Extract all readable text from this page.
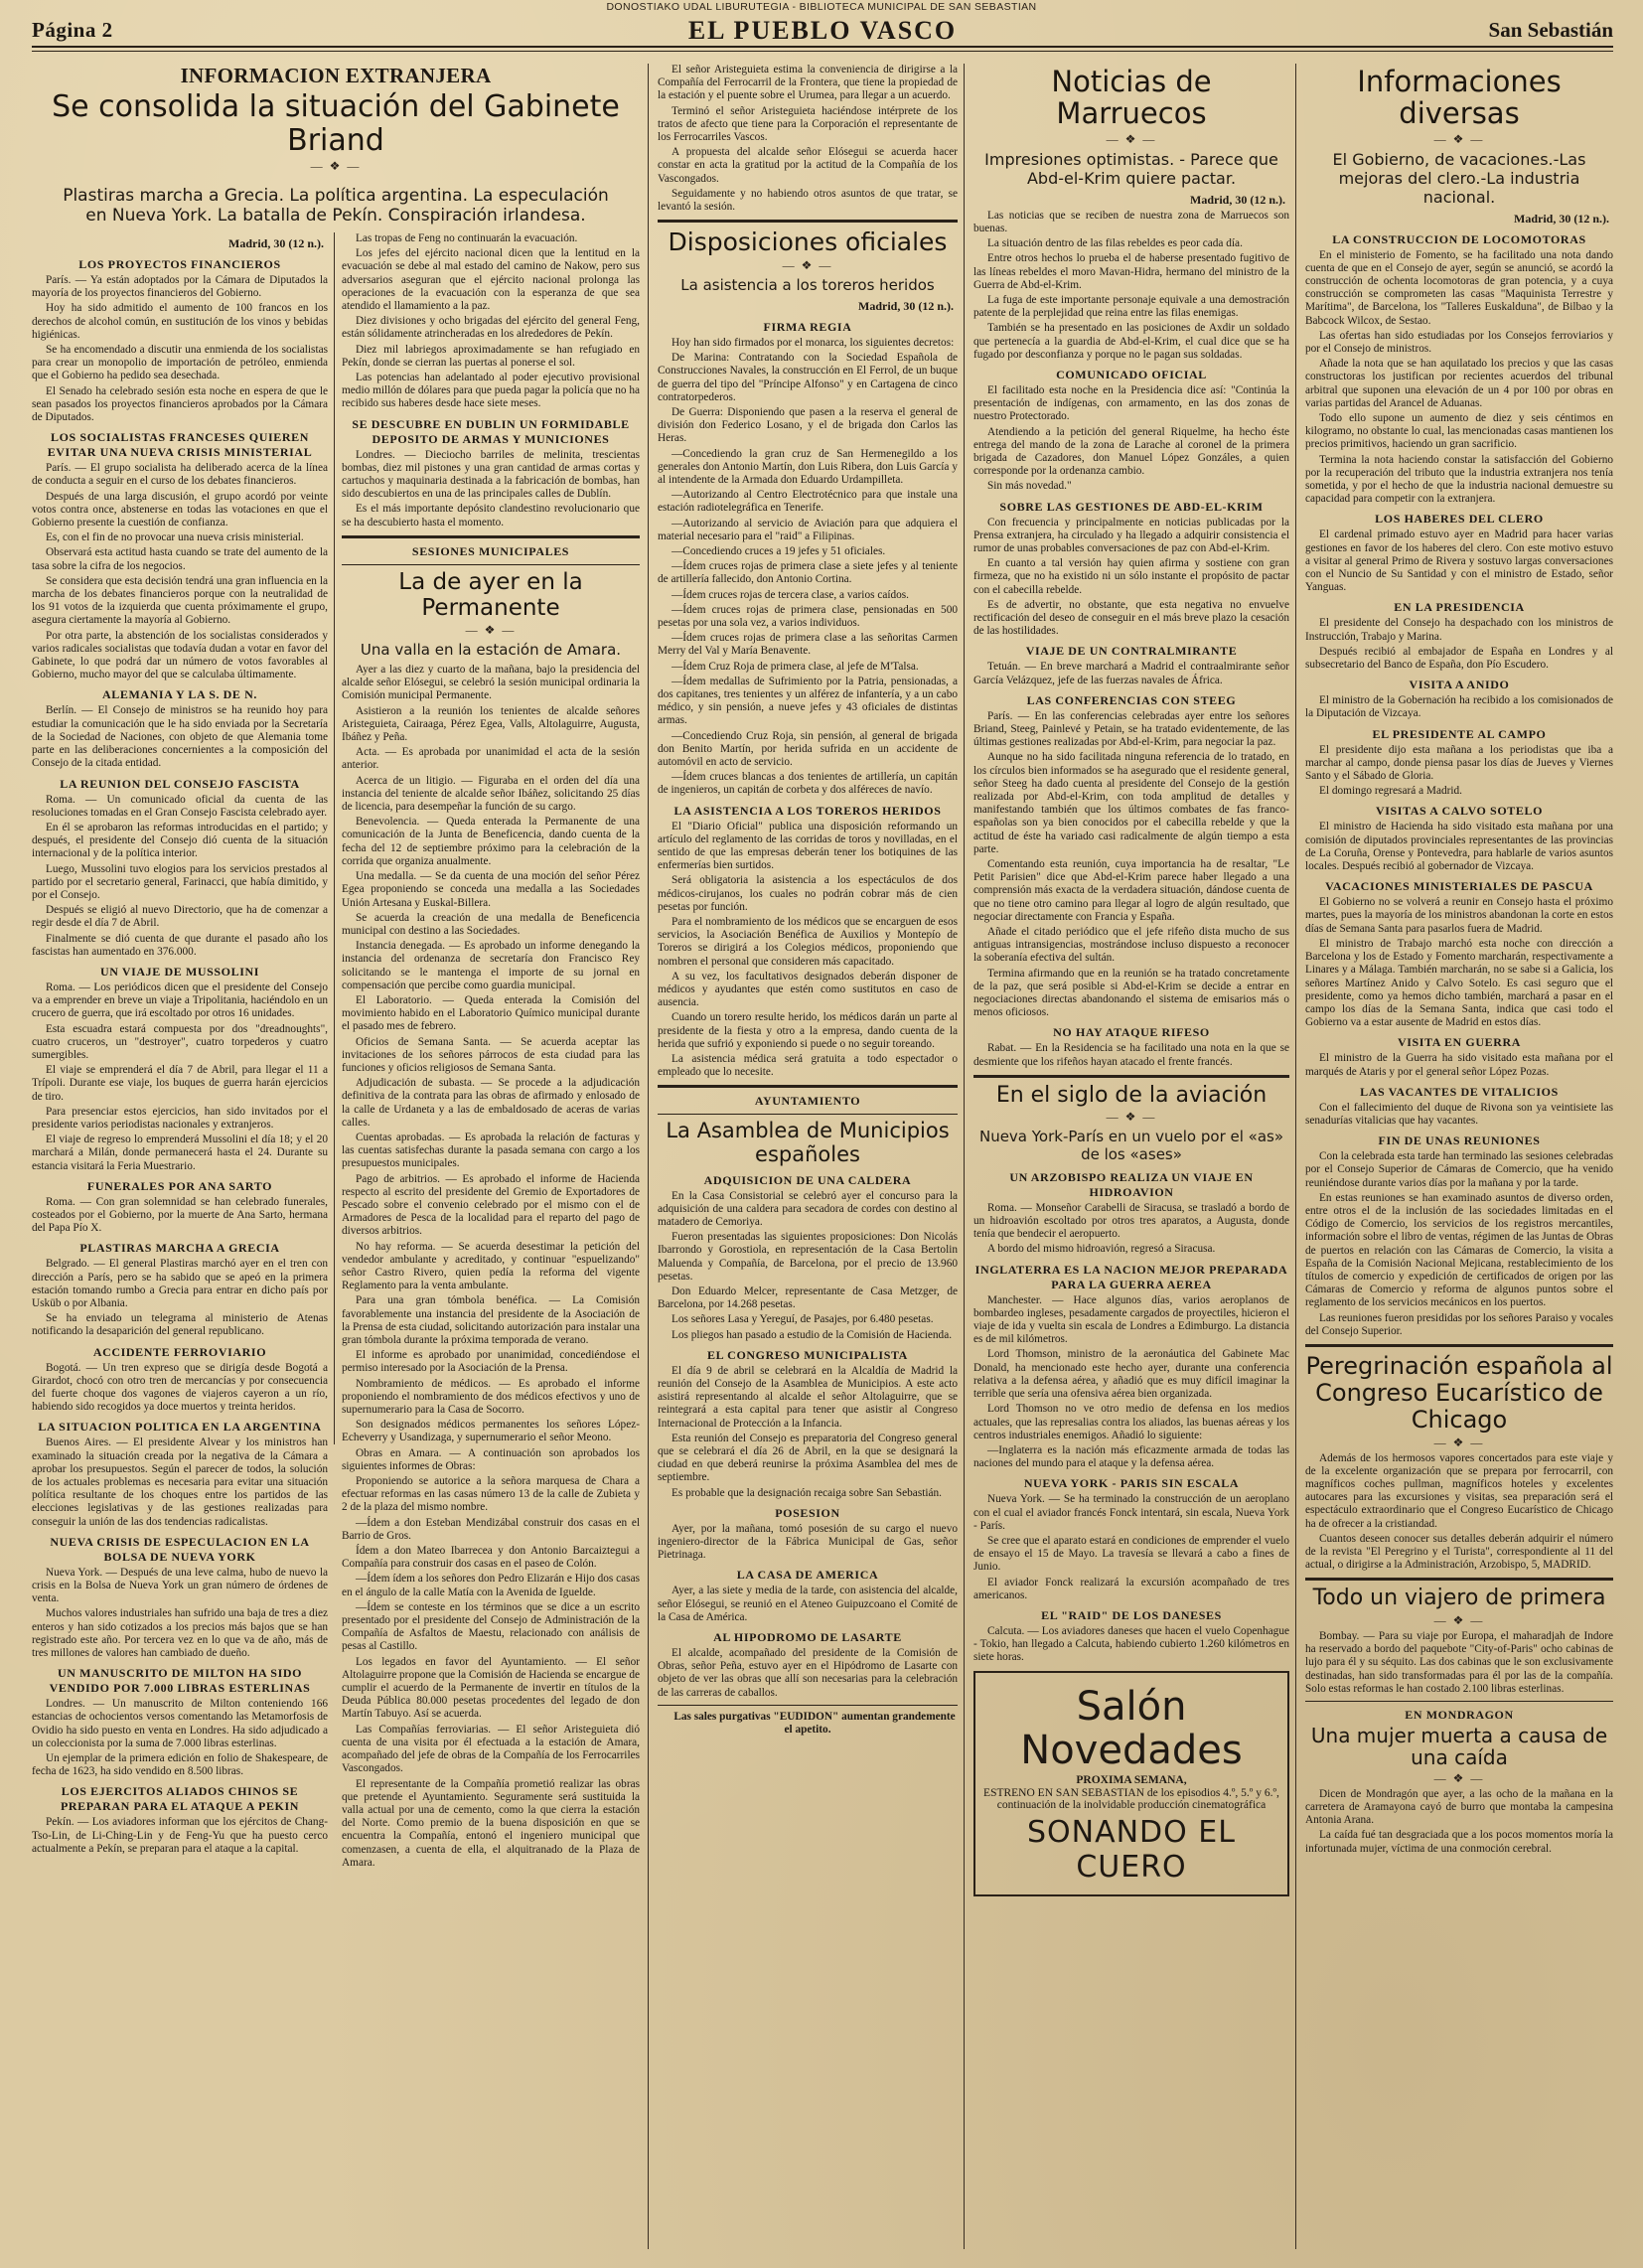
DONOSTIAKO UDAL LIBURUTEGIA - BIBLIOTECA MUNICIPAL DE SAN SEBASTIAN
Página 2	EL PUEBLO VASCO	San Sebastián
INFORMACION EXTRANJERA
Se consolida la situación del Gabinete Briand
— ❖ —
Plastiras marcha a Grecia. La política argentina. La especulación en Nueva York. La batalla de Pekín. Conspiración irlandesa.
Madrid, 30 (12 n.).
LOS PROYECTOS FINANCIEROS
París. — Ya están adoptados por la Cámara de Diputados la mayoría de los proyectos financieros del Gobierno.
Hoy ha sido admitido el aumento de 100 francos en los derechos de alcohol común, en sustitución de los vinos y bebidas higiénicas.
Se ha encomendado a discutir una enmienda de los socialistas para crear un monopolio de importación de petróleo, enmienda que el Gobierno ha pedido sea desechada.
El Senado ha celebrado sesión esta noche en espera de que le sean pasados los proyectos financieros aprobados por la Cámara de Diputados.
LOS SOCIALISTAS FRANCESES QUIEREN EVITAR UNA NUEVA CRISIS MINISTERIAL
París. — El grupo socialista ha deliberado acerca de la línea de conducta a seguir en el curso de los debates financieros.
Después de una larga discusión, el grupo acordó por veinte votos contra once, abstenerse en todas las votaciones en que el Gobierno presente la cuestión de confianza.
Es, con el fin de no provocar una nueva crisis ministerial.
Observará esta actitud hasta cuando se trate del aumento de la tasa sobre la cifra de los negocios.
Se considera que esta decisión tendrá una gran influencia en la marcha de los debates financieros porque con la neutralidad de los 91 votos de la izquierda que cuenta próximamente el grupo, asegura ciertamente la mayoría al Gobierno.
Por otra parte, la abstención de los socialistas considerados y varios radicales socialistas que todavía dudan a votar en favor del Gabinete, lo que podrá dar un número de votos favorables al Gobierno, mucho mayor del que se calculaba últimamente.
ALEMANIA Y LA S. DE N.
Berlín. — El Consejo de ministros se ha reunido hoy para estudiar la comunicación que le ha sido enviada por la Secretaría de la Sociedad de Naciones, con objeto de que Alemania tome parte en las deliberaciones concernientes a la composición del Consejo de la citada entidad.
LA REUNION DEL CONSEJO FASCISTA
Roma. — Un comunicado oficial da cuenta de las resoluciones tomadas en el Gran Consejo Fascista celebrado ayer.
En él se aprobaron las reformas introducidas en el partido; y después, el presidente del Consejo dió cuenta de la situación internacional y de la política interior.
Luego, Mussolini tuvo elogios para los servicios prestados al partido por el secretario general, Farinacci, que había dimitido, y por el Consejo.
Después se eligió al nuevo Directorio, que ha de comenzar a regir desde el día 7 de Abril.
Finalmente se dió cuenta de que durante el pasado año los fascistas han aumentado en 376.000.
UN VIAJE DE MUSSOLINI
Roma. — Los periódicos dicen que el presidente del Consejo va a emprender en breve un viaje a Tripolitania, haciéndolo en un crucero de guerra, que irá escoltado por otros 16 unidades.
Esta escuadra estará compuesta por dos "dreadnoughts", cuatro cruceros, un "destroyer", cuatro torpederos y cuatro sumergibles.
El viaje se emprenderá el día 7 de Abril, para llegar el 11 a Trípoli. Durante ese viaje, los buques de guerra harán ejercicios de tiro.
Para presenciar estos ejercicios, han sido invitados por el presidente varios periodistas nacionales y extranjeros.
El viaje de regreso lo emprenderá Mussolini el día 18; y el 20 marchará a Milán, donde permanecerá hasta el 24. Durante su estancia visitará la Feria Muestrario.
FUNERALES POR ANA SARTO
Roma. — Con gran solemnidad se han celebrado funerales, costeados por el Gobierno, por la muerte de Ana Sarto, hermana del Papa Pío X.
PLASTIRAS MARCHA A GRECIA
Belgrado. — El general Plastiras marchó ayer en el tren con dirección a París, pero se ha sabido que se apeó en la primera estación tomando rumbo a Grecia para entrar en dicho país por Usküb o por Albania.
Se ha enviado un telegrama al ministerio de Atenas notificando la desaparición del general republicano.
ACCIDENTE FERROVIARIO
Bogotá. — Un tren expreso que se dirigía desde Bogotá a Girardot, chocó con otro tren de mercancías y por consecuencia del fuerte choque dos vagones de viajeros cayeron a un río, habiendo sido recogidos ya doce muertos y treinta heridos.
LA SITUACION POLITICA EN LA ARGENTINA
Buenos Aires. — El presidente Alvear y los ministros han examinado la situación creada por la negativa de la Cámara a aprobar los presupuestos. Según el parecer de todos, la solución de los actuales problemas es necesaria para evitar una situación política resultante de los choques entre los partidos de las elecciones legislativas y de las gestiones realizadas para conseguir la unión de las dos tendencias radicalistas.
NUEVA CRISIS DE ESPECULACION EN LA BOLSA DE NUEVA YORK
Nueva York. — Después de una leve calma, hubo de nuevo la crisis en la Bolsa de Nueva York un gran número de órdenes de venta.
Muchos valores industriales han sufrido una baja de tres a diez enteros y han sido cotizados a los precios más bajos que se han registrado este año. Por tercera vez en lo que va de año, más de tres millones de valores han cambiado de dueño.
UN MANUSCRITO DE MILTON HA SIDO VENDIDO POR 7.000 LIBRAS ESTERLINAS
Londres. — Un manuscrito de Milton conteniendo 166 estancias de ochocientos versos comentando las Metamorfosis de Ovidio ha sido puesto en venta en Londres. Ha sido adjudicado a un coleccionista por la suma de 7.000 libras esterlinas.
Un ejemplar de la primera edición en folio de Shakespeare, de fecha de 1623, ha sido vendido en 8.500 libras.
LOS EJERCITOS ALIADOS CHINOS SE PREPARAN PARA EL ATAQUE A PEKIN
Pekín. — Los aviadores informan que los ejércitos de Chang-Tso-Lin, de Li-Ching-Lin y de Feng-Yu que ha puesto cerco actualmente a Pekín, se preparan para el ataque a la capital.
Las tropas de Feng no continuarán la evacuación.
Los jefes del ejército nacional dicen que la lentitud en la evacuación se debe al mal estado del camino de Nakow, pero sus adversarios aseguran que el ejército nacional prolonga las operaciones de la evacuación con la esperanza de que sea atendido el llamamiento a la paz.
Diez divisiones y ocho brigadas del ejército del general Feng, están sólidamente atrincheradas en los alrededores de Pekín.
Diez mil labriegos aproximadamente se han refugiado en Pekín, donde se cierran las puertas al ponerse el sol.
Las potencias han adelantado al poder ejecutivo provisional medio millón de dólares para que pueda pagar la policía que no ha recibido sus haberes desde hace siete meses.
SE DESCUBRE EN DUBLIN UN FORMIDABLE DEPOSITO DE ARMAS Y MUNICIONES
Londres. — Dieciocho barriles de melinita, trescientas bombas, diez mil pistones y una gran cantidad de armas cortas y cartuchos y maquinaria destinada a la fabricación de bombas, han sido descubiertos en una de las principales calles de Dublín.
Es el más importante depósito clandestino revolucionario que se ha descubierto hasta el momento.
SESIONES MUNICIPALES
La de ayer en la Permanente
— ❖ —
Una valla en la estación de Amara.
Ayer a las diez y cuarto de la mañana, bajo la presidencia del alcalde señor Elósegui, se celebró la sesión municipal ordinaria la Comisión municipal Permanente.
Asistieron a la reunión los tenientes de alcalde señores Aristeguieta, Cairaaga, Pérez Egea, Valls, Altolaguirre, Augusta, Ibáñez y Peña.
Acta. — Es aprobada por unanimidad el acta de la sesión anterior.
Acerca de un litigio. — Figuraba en el orden del día una instancia del teniente de alcalde señor Ibáñez, solicitando 25 días de licencia, para desempeñar la función de su cargo.
Benevolencia. — Queda enterada la Permanente de una comunicación de la Junta de Beneficencia, dando cuenta de la fecha del 12 de septiembre próximo para la celebración de la corrida que organiza anualmente.
Una medalla. — Se da cuenta de una moción del señor Pérez Egea proponiendo se conceda una medalla a las Sociedades Unión Artesana y Euskal-Billera.
Se acuerda la creación de una medalla de Beneficencia municipal con destino a las Sociedades.
Instancia denegada. — Es aprobado un informe denegando la instancia del ordenanza de secretaría don Francisco Rey solicitando se le mantenga el importe de su jornal en compensación que percibe como guardia municipal.
El Laboratorio. — Queda enterada la Comisión del movimiento habido en el Laboratorio Químico municipal durante el pasado mes de febrero.
Oficios de Semana Santa. — Se acuerda aceptar las invitaciones de los señores párrocos de esta ciudad para las funciones y oficios religiosos de Semana Santa.
Adjudicación de subasta. — Se procede a la adjudicación definitiva de la contrata para las obras de afirmado y enlosado de la calle de Urdaneta y a las de embaldosado de aceras de varias calles.
Cuentas aprobadas. — Es aprobada la relación de facturas y las cuentas satisfechas durante la pasada semana con cargo a los presupuestos municipales.
Pago de arbitrios. — Es aprobado el informe de Hacienda respecto al escrito del presidente del Gremio de Exportadores de Pescado sobre el convenio celebrado por el mismo con el de Armadores de Pesca de la localidad para el reparto del pago de diversos arbitrios.
No hay reforma. — Se acuerda desestimar la petición del vendedor ambulante y acreditado, y continuar "espuelizando" señor Castro Rivero, quien pedía la reforma del vigente Reglamento para la venta ambulante.
Para una gran tómbola benéfica. — La Comisión favorablemente una instancia del presidente de la Asociación de la Prensa de esta ciudad, solicitando autorización para instalar una gran tómbola durante la próxima temporada de verano.
El informe es aprobado por unanimidad, concediéndose el permiso interesado por la Asociación de la Prensa.
Nombramiento de médicos. — Es aprobado el informe proponiendo el nombramiento de dos médicos efectivos y uno de supernumerario para la Casa de Socorro.
Son designados médicos permanentes los señores López-Echeverry y Usandizaga, y supernumerario el señor Meono.
Obras en Amara. — A continuación son aprobados los siguientes informes de Obras:
Proponiendo se autorice a la señora marquesa de Chara a efectuar reformas en las casas número 13 de la calle de Zubieta y 2 de la plaza del mismo nombre.
—Ídem a don Esteban Mendizábal construir dos casas en el Barrio de Gros.
Ídem a don Mateo Ibarrecea y don Antonio Barcaiztegui a Compañía para construir dos casas en el paseo de Colón.
—Ídem ídem a los señores don Pedro Elizarán e Hijo dos casas en el ángulo de la calle Matía con la Avenida de Iguelde.
—Ídem se conteste en los términos que se dice a un escrito presentado por el presidente del Consejo de Administración de la Compañía de Asfaltos de Maestu, relacionado con análisis de pesas al Castillo.
Los legados en favor del Ayuntamiento. — El señor Altolaguirre propone que la Comisión de Hacienda se encargue de cumplir el acuerdo de la Permanente de invertir en títulos de la Deuda Pública 80.000 pesetas procedentes del legado de don Martín Tabuyo. Así se acuerda.
Las Compañías ferroviarias. — El señor Aristeguieta dió cuenta de una visita por él efectuada a la estación de Amara, acompañado del jefe de obras de la Compañía de los Ferrocarriles Vascongados.
El representante de la Compañía prometió realizar las obras que pretende el Ayuntamiento. Seguramente será sustituida la valla actual por una de cemento, como la que cierra la estación del Norte. Como premio de la buena disposición en que se encuentra la Compañía, entonó el ingeniero municipal que comenzasen, a cuenta de ella, el alquitranado de la Plaza de Amara.
El señor Aristeguieta estima la conveniencia de dirigirse a la Compañía del Ferrocarril de la Frontera, que tiene la propiedad de la estación y el puente sobre el Urumea, para llegar a un acuerdo.
Terminó el señor Aristeguieta haciéndose intérprete de los tratos de afecto que tiene para la Corporación el representante de los Ferrocarriles Vascos.
A propuesta del alcalde señor Elósegui se acuerda hacer constar en acta la gratitud por la actitud de la Compañía de los Vascongados.
Seguidamente y no habiendo otros asuntos de que tratar, se levantó la sesión.
Disposiciones oficiales
— ❖ —
La asistencia a los toreros heridos
Madrid, 30 (12 n.).
FIRMA REGIA
Hoy han sido firmados por el monarca, los siguientes decretos:
De Marina: Contratando con la Sociedad Española de Construcciones Navales, la construcción en El Ferrol, de un buque de guerra del tipo del "Príncipe Alfonso" y en Cartagena de cinco contratorpederos.
De Guerra: Disponiendo que pasen a la reserva el general de división don Federico Losano, y el de brigada don Carlos las Heras.
—Concediendo la gran cruz de San Hermenegildo a los generales don Antonio Martín, don Luis Ribera, don Luis García y al intendente de la Armada don Eduardo Urdampilleta.
—Autorizando al Centro Electrotécnico para que instale una estación radiotelegráfica en Tenerife.
—Autorizando al servicio de Aviación para que adquiera el material necesario para el "raid" a Filipinas.
—Concediendo cruces a 19 jefes y 51 oficiales.
—Ídem cruces rojas de primera clase a siete jefes y al teniente de artillería fallecido, don Antonio Cortina.
—Ídem cruces rojas de tercera clase, a varios caídos.
—Ídem cruces rojas de primera clase, pensionadas en 500 pesetas por una sola vez, a varios individuos.
—Ídem cruces rojas de primera clase a las señoritas Carmen Merry del Val y María Benavente.
—Ídem Cruz Roja de primera clase, al jefe de M'Talsa.
—Ídem medallas de Sufrimiento por la Patria, pensionadas, a dos capitanes, tres tenientes y un alférez de infantería, y a un cabo médico, y sin pensión, a nueve jefes y 43 oficiales de distintas armas.
—Concediendo Cruz Roja, sin pensión, al general de brigada don Benito Martín, por herida sufrida en un accidente de automóvil en acto de servicio.
—Ídem cruces blancas a dos tenientes de artillería, un capitán de ingenieros, un capitán de corbeta y dos alféreces de navío.
LA ASISTENCIA A LOS TOREROS HERIDOS
El "Diario Oficial" publica una disposición reformando un artículo del reglamento de las corridas de toros y novilladas, en el sentido de que las empresas deberán tener los botiquines de las enfermerías bien surtidos.
Será obligatoria la asistencia a los espectáculos de dos médicos-cirujanos, los cuales no podrán cobrar más de cien pesetas por función.
Para el nombramiento de los médicos que se encarguen de esos servicios, la Asociación Benéfica de Auxilios y Montepío de Toreros se dirigirá a los Colegios médicos, proponiendo que nombren el personal que consideren más capacitado.
A su vez, los facultativos designados deberán disponer de médicos y ayudantes que estén como sustitutos en caso de ausencia.
Cuando un torero resulte herido, los médicos darán un parte al presidente de la fiesta y otro a la empresa, dando cuenta de la herida que sufrió y exponiendo si puede o no seguir toreando.
La asistencia médica será gratuita a todo espectador o empleado que lo necesite.
AYUNTAMIENTO
La Asamblea de Municipios españoles
ADQUISICION DE UNA CALDERA
En la Casa Consistorial se celebró ayer el concurso para la adquisición de una caldera para secadora de cordes con destino al matadero de Cemoriya.
Fueron presentadas las siguientes proposiciones: Don Nicolás Ibarrondo y Gorostiola, en representación de la Casa Bertolin Maluenda y Compañía, de Barcelona, por el precio de 13.960 pesetas.
Don Eduardo Melcer, representante de Casa Metzger, de Barcelona, por 14.268 pesetas.
Los señores Lasa y Yereguí, de Pasajes, por 6.480 pesetas.
Los pliegos han pasado a estudio de la Comisión de Hacienda.
EL CONGRESO MUNICIPALISTA
El día 9 de abril se celebrará en la Alcaldía de Madrid la reunión del Consejo de la Asamblea de Municipios. A este acto asistirá representando al alcalde el señor Altolaguirre, que se reintegrará a esta capital para tener que asistir al Congreso Internacional de Protección a la Infancia.
Esta reunión del Consejo es preparatoria del Congreso general que se celebrará el día 26 de Abril, en la que se designará la ciudad en que deberá reunirse la próxima Asamblea del mes de septiembre.
Es probable que la designación recaiga sobre San Sebastián.
POSESION
Ayer, por la mañana, tomó posesión de su cargo el nuevo ingeniero-director de la Fábrica Municipal de Gas, señor Pietrinaga.
LA CASA DE AMERICA
Ayer, a las siete y media de la tarde, con asistencia del alcalde, señor Elósegui, se reunió en el Ateneo Guipuzcoano el Comité de la Casa de América.
AL HIPODROMO DE LASARTE
El alcalde, acompañado del presidente de la Comisión de Obras, señor Peña, estuvo ayer en el Hipódromo de Lasarte con objeto de ver las obras que allí son necesarias para la celebración de las carreras de caballos.
Las sales purgativas "EUDIDON" aumentan grandemente el apetito.
Noticias de Marruecos
— ❖ —
Impresiones optimistas. - Parece que Abd-el-Krim quiere pactar.
Madrid, 30 (12 n.).
Las noticias que se reciben de nuestra zona de Marruecos son buenas.
La situación dentro de las filas rebeldes es peor cada día.
Entre otros hechos lo prueba el de haberse presentado fugitivo de las líneas rebeldes el moro Mavan-Hidra, hermano del ministro de la Guerra de Abd-el-Krim.
La fuga de este importante personaje equivale a una demostración patente de la perplejidad que reina entre las filas enemigas.
También se ha presentado en las posiciones de Axdir un soldado que pertenecía a la guardia de Abd-el-Krim, el cual dice que se ha fugado por desconfianza y porque no le pagan sus soldadas.
COMUNICADO OFICIAL
El facilitado esta noche en la Presidencia dice así: "Continúa la presentación de indígenas, con armamento, en las dos zonas de nuestro Protectorado.
Atendiendo a la petición del general Riquelme, ha hecho éste entrega del mando de la zona de Larache al coronel de la primera brigada de Cazadores, don Manuel López Gonzáles, a quien corresponde por la ordenanza cambio.
Sin más novedad."
SOBRE LAS GESTIONES DE ABD-EL-KRIM
Con frecuencia y principalmente en noticias publicadas por la Prensa extranjera, ha circulado y ha llegado a adquirir consistencia el rumor de unas probables conversaciones de paz con Abd-el-Krim.
En cuanto a tal versión hay quien afirma y sostiene con gran firmeza, que no ha existido ni un sólo instante el propósito de pactar con el cabecilla rebelde.
Es de advertir, no obstante, que esta negativa no envuelve rectificación del deseo de conseguir en el más breve plazo la cesación de las hostilidades.
VIAJE DE UN CONTRALMIRANTE
Tetuán. — En breve marchará a Madrid el contraalmirante señor García Velázquez, jefe de las fuerzas navales de África.
LAS CONFERENCIAS CON STEEG
París. — En las conferencias celebradas ayer entre los señores Briand, Steeg, Painlevé y Petain, se ha tratado evidentemente, de las últimas gestiones realizadas por Abd-el-Krim, para negociar la paz.
Aunque no ha sido facilitada ninguna referencia de lo tratado, en los círculos bien informados se ha asegurado que el residente general, señor Steeg ha dado cuenta al presidente del Consejo de la gestión realizada por Abd-el-Krim, con toda amplitud de detalles y manifestando también que los últimos combates de fas franco-españolas son ya bien conocidos por el cabecilla rebelde y que la actitud de éste ha variado casi radicalmente de algún tiempo a esta parte.
Comentando esta reunión, cuya importancia ha de resaltar, "Le Petit Parisien" dice que Abd-el-Krim parece haber llegado a una comprensión más exacta de la verdadera situación, dándose cuenta de que no tiene otro camino para llegar al logro de algún resultado, que negociar directamente con Francia y España.
Añade el citado periódico que el jefe rifeño dista mucho de sus antiguas intransigencias, mostrándose incluso dispuesto a reconocer la soberanía efectiva del sultán.
Termina afirmando que en la reunión se ha tratado concretamente de la paz, que será posible si Abd-el-Krim se decide a entrar en negociaciones directas abandonando el sistema de emisarios más o menos oficiosos.
NO HAY ATAQUE RIFESO
Rabat. — En la Residencia se ha facilitado una nota en la que se desmiente que los rifeños hayan atacado el frente francés.
En el siglo de la aviación
— ❖ —
Nueva York-París en un vuelo por el «as» de los «ases»
UN ARZOBISPO REALIZA UN VIAJE EN HIDROAVION
Roma. — Monseñor Carabelli de Siracusa, se trasladó a bordo de un hidroavión escoltado por otros tres aparatos, a Augusta, donde tenía que bendecir el aeropuerto.
A bordo del mismo hidroavión, regresó a Siracusa.
INGLATERRA ES LA NACION MEJOR PREPARADA PARA LA GUERRA AEREA
Manchester. — Hace algunos días, varios aeroplanos de bombardeo ingleses, pesadamente cargados de proyectiles, hicieron el viaje de ida y vuelta sin escala de Londres a Edimburgo. La distancia es de mil kilómetros.
Lord Thomson, ministro de la aeronáutica del Gabinete Mac Donald, ha mencionado este hecho ayer, durante una conferencia relativa a la defensa aérea, y añadió que es muy difícil imaginar la terrible que sería una ofensiva aérea bien organizada.
Lord Thomson no ve otro medio de defensa en los medios actuales, que las represalias contra los aliados, las buenas aéreas y los centros industriales enemigos. Añadió lo siguiente:
—Inglaterra es la nación más eficazmente armada de todas las naciones del mundo para el ataque y la defensa aérea.
NUEVA YORK - PARIS SIN ESCALA
Nueva York. — Se ha terminado la construcción de un aeroplano con el cual el aviador francés Fonck intentará, sin escala, Nueva York - París.
Se cree que el aparato estará en condiciones de emprender el vuelo de ensayo el 15 de Mayo. La travesía se llevará a cabo a fines de Junio.
El aviador Fonck realizará la excursión acompañado de tres americanos.
EL "RAID" DE LOS DANESES
Calcuta. — Los aviadores daneses que hacen el vuelo Copenhague - Tokio, han llegado a Calcuta, habiendo cubierto 1.260 kilómetros en siete horas.
Salón Novedades
PROXIMA SEMANA,
ESTRENO EN SAN SEBASTIAN de los episodios 4.º, 5.º y 6.º, continuación de la inolvidable producción cinematográfica
SONANDO EL CUERO
Informaciones diversas
— ❖ —
El Gobierno, de vacaciones.-Las mejoras del clero.-La industria nacional.
Madrid, 30 (12 n.).
LA CONSTRUCCION DE LOCOMOTORAS
En el ministerio de Fomento, se ha facilitado una nota dando cuenta de que en el Consejo de ayer, según se anunció, se acordó la construcción de ochenta locomotoras de gran potencia, y a cuya construcción se comprometen las casas "Maquinista Terrestre y Marítima", de Barcelona, los "Talleres Euskalduna", de Bilbao y la Babcock Wilcox, de Sestao.
Las ofertas han sido estudiadas por los Consejos ferroviarios y por el Consejo de ministros.
Añade la nota que se han aquilatado los precios y que las casas constructoras los justifican por recientes acuerdos del tribunal arbitral que suponen una elevación de un 4 por 100 por obras en varias partidas del Arancel de Aduanas.
Todo ello supone un aumento de diez y seis céntimos en kilogramo, no obstante lo cual, las mencionadas casas mantienen los precios primitivos, haciendo un gran sacrificio.
Termina la nota haciendo constar la satisfacción del Gobierno por la recuperación del tributo que la industria extranjera nos tenía sometida, y por el hecho de que la industria nacional demuestre su capacidad para competir con la extranjera.
LOS HABERES DEL CLERO
El cardenal primado estuvo ayer en Madrid para hacer varias gestiones en favor de los haberes del clero. Con este motivo estuvo a visitar al general Primo de Rivera y sostuvo largas conversaciones con el Nuncio de Su Santidad y con el ministro de Estado, señor Yanguas.
EN LA PRESIDENCIA
El presidente del Consejo ha despachado con los ministros de Instrucción, Trabajo y Marina.
Después recibió al embajador de España en Londres y al subsecretario del Banco de España, don Pío Escudero.
VISITA A ANIDO
El ministro de la Gobernación ha recibido a los comisionados de la Diputación de Vizcaya.
EL PRESIDENTE AL CAMPO
El presidente dijo esta mañana a los periodistas que iba a marchar al campo, donde piensa pasar los días de Jueves y Viernes Santo y el Sábado de Gloria.
El domingo regresará a Madrid.
VISITAS A CALVO SOTELO
El ministro de Hacienda ha sido visitado esta mañana por una comisión de diputados provinciales representantes de las provincias de La Coruña, Orense y Pontevedra, para hablarle de varios asuntos locales. Después recibió al gobernador de Vizcaya.
VACACIONES MINISTERIALES DE PASCUA
El Gobierno no se volverá a reunir en Consejo hasta el próximo martes, pues la mayoría de los ministros abandonan la corte en estos días de Semana Santa para pasarlos fuera de Madrid.
El ministro de Trabajo marchó esta noche con dirección a Barcelona y los de Estado y Fomento marcharán, respectivamente a Linares y a Málaga. También marcharán, no se sabe si a Galicia, los señores Martínez Anido y Calvo Sotelo. Es casi seguro que el presidente, como ya hemos dicho también, marchará a pasar en el campo los días de la Semana Santa, indica que casi todo el Gobierno va a estar ausente de Madrid en estos días.
VISITA EN GUERRA
El ministro de la Guerra ha sido visitado esta mañana por el marqués de Ataris y por el general señor López Pozas.
LAS VACANTES DE VITALICIOS
Con el fallecimiento del duque de Rivona son ya veintisiete las senadurías vitalicias que hay vacantes.
FIN DE UNAS REUNIONES
Con la celebrada esta tarde han terminado las sesiones celebradas por el Consejo Superior de Cámaras de Comercio, que ha venido reuniéndose durante varios días por la mañana y por la tarde.
En estas reuniones se han examinado asuntos de diverso orden, entre otros el de la inclusión de las sociedades limitadas en el Código de Comercio, los servicios de los registros mercantiles, información sobre el libro de ventas, régimen de las Juntas de Obras de puertos en relación con las Cámaras de Comercio, la visita a España de la Comisión Nacional Mejicana, restablecimiento de los títulos de comercio y expedición de certificados de origen por las Cámaras de Comercio y reforma de algunos puntos sobre el reglamento de los servicios mecánicos en los puertos.
Las reuniones fueron presididas por los señores Paraiso y vocales del Consejo Superior.
Peregrinación española al Congreso Eucarístico de Chicago
— ❖ —
Además de los hermosos vapores concertados para este viaje y de la excelente organización que se prepara por ferrocarril, con magníficos coches pullman, magníficos hoteles y excelentes autocares para las excursiones y visitas, sea preparación será el espectáculo extraordinario que el Congreso Eucarístico de Chicago ha de ofrecer a la cristiandad.
Cuantos deseen conocer sus detalles deberán adquirir el número de la revista "El Peregrino y el Turista", correspondiente al 11 del actual, o dirigirse a la Administración, Arzobispo, 5, MADRID.
Todo un viajero de primera
— ❖ —
Bombay. — Para su viaje por Europa, el maharadjah de Indore ha reservado a bordo del paquebote "City-of-Paris" ocho cabinas de lujo para él y su séquito. Las dos cabinas que le son exclusivamente destinadas, han sido transformadas para él por las de la compañía. Solo estas reformas le han costado 2.100 libras esterlinas.
EN MONDRAGON
Una mujer muerta a causa de una caída
— ❖ —
Dicen de Mondragón que ayer, a las ocho de la mañana en la carretera de Aramayona cayó de burro que montaba la campesina Antonia Arana.
La caída fué tan desgraciada que a los pocos momentos moría la infortunada mujer, víctima de una conmoción cerebral.
